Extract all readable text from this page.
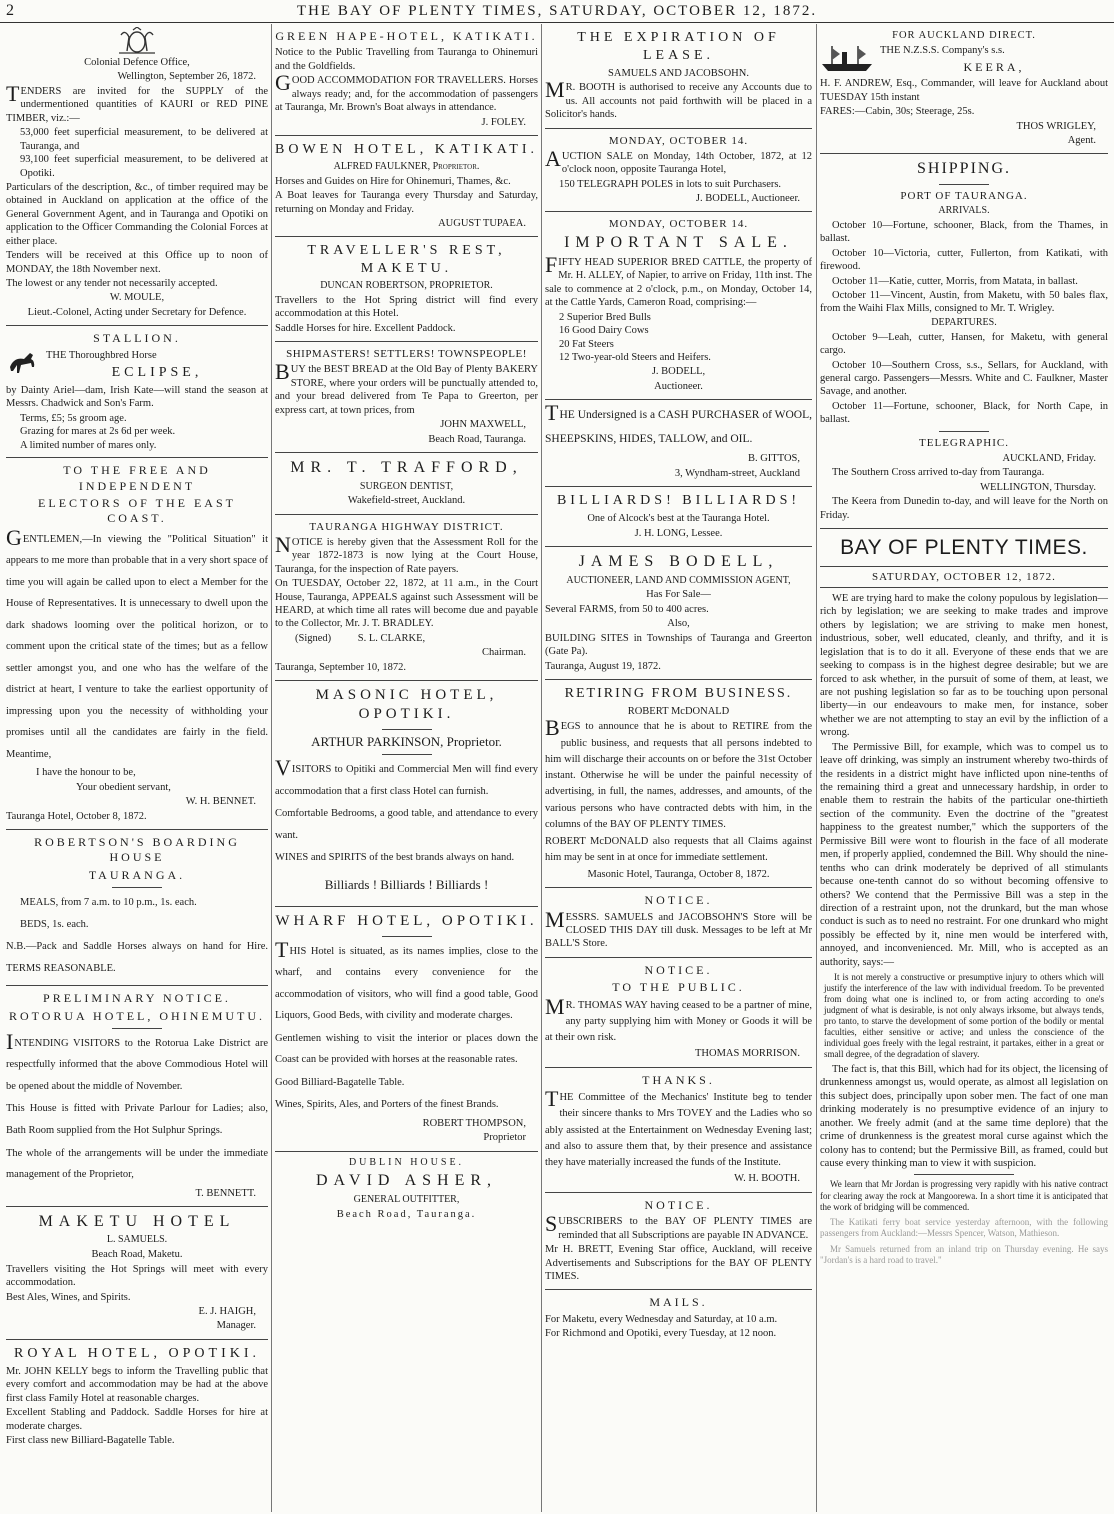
2	THE BAY OF PLENTY TIMES, SATURDAY, OCTOBER 12, 1872.
Colonial Defence Office,
Wellington, September 26, 1872.
TENDERS are invited for the SUPPLY of the undermentioned quantities of KAURI or RED PINE TIMBER, viz.:—
53,000 feet superficial measurement, to be delivered at Tauranga, and
93,100 feet superficial measurement, to be delivered at Opotiki.
Particulars of the description, &c., of timber required may be obtained in Auckland on application at the office of the General Government Agent, and in Tauranga and Opotiki on application to the Officer Commanding the Colonial Forces at either place.
Tenders will be received at this Office up to noon of MONDAY, the 18th November next.
The lowest or any tender not necessarily accepted.
W. MOULE,
Lieut.-Colonel, Acting under Secretary for Defence.
STALLION.
THE Thoroughbred Horse
ECLIPSE,
by Dainty Ariel—dam, Irish Kate—will stand the season at Messrs. Chadwick and Son's Farm.
Terms, £5; 5s groom age.
Grazing for mares at 2s 6d per week.
A limited number of mares only.
TO THE FREE AND INDEPENDENT
ELECTORS OF THE EAST COAST.
GENTLEMEN,—In viewing the "Political Situation" it appears to me more than probable that in a very short space of time you will again be called upon to elect a Member for the House of Representatives. It is unnecessary to dwell upon the dark shadows looming over the political horizon, or to comment upon the critical state of the times; but as a fellow settler amongst you, and one who has the welfare of the district at heart, I venture to take the earliest opportunity of impressing upon you the necessity of withholding your promises until all the candidates are fairly in the field. Meantime,
I have the honour to be,
Your obedient servant,
W. H. BENNET.
Tauranga Hotel, October 8, 1872.
ROBERTSON'S BOARDING HOUSE
TAURANGA.
MEALS, from 7 a.m. to 10 p.m., 1s. each.
BEDS, 1s. each.
N.B.—Pack and Saddle Horses always on hand for Hire. TERMS REASONABLE.
PRELIMINARY NOTICE.
ROTORUA HOTEL, OHINEMUTU.
INTENDING VISITORS to the Rotorua Lake District are respectfully informed that the above Commodious Hotel will be opened about the middle of November.
This House is fitted with Private Parlour for Ladies; also, Bath Room supplied from the Hot Sulphur Springs.
The whole of the arrangements will be under the immediate management of the Proprietor,
T. BENNETT.
MAKETU HOTEL
L. SAMUELS.
Beach Road, Maketu.
Travellers visiting the Hot Springs will meet with every accommodation.
Best Ales, Wines, and Spirits.
E. J. HAIGH,
Manager.
ROYAL HOTEL, OPOTIKI.
Mr. JOHN KELLY begs to inform the Travelling public that every comfort and accommodation may be had at the above first class Family Hotel at reasonable charges.
Excellent Stabling and Paddock. Saddle Horses for hire at moderate charges.
First class new Billiard-Bagatelle Table.
GREEN HAPE-HOTEL, KATIKATI.
Notice to the Public Travelling from Tauranga to Ohinemuri and the Goldfields.
GOOD ACCOMMODATION FOR TRAVELLERS. Horses always ready; and, for the accommodation of passengers at Tauranga, Mr. Brown's Boat always in attendance.
J. FOLEY.
BOWEN HOTEL, KATIKATI.
ALFRED FAULKNER, Proprietor.
Horses and Guides on Hire for Ohinemuri, Thames, &c.
A Boat leaves for Tauranga every Thursday and Saturday, returning on Monday and Friday.
AUGUST TUPAEA.
TRAVELLER'S REST, MAKETU.
DUNCAN ROBERTSON, PROPRIETOR.
Travellers to the Hot Spring district will find every accommodation at this Hotel.
Saddle Horses for hire. Excellent Paddock.
SHIPMASTERS! SETTLERS! TOWNSPEOPLE!
BUY the BEST BREAD at the Old Bay of Plenty BAKERY STORE, where your orders will be punctually attended to, and your bread delivered from Te Papa to Greerton, per express cart, at town prices, from
JOHN MAXWELL,
Beach Road, Tauranga.
MR. T. TRAFFORD,
SURGEON DENTIST,
Wakefield-street, Auckland.
TAURANGA HIGHWAY DISTRICT.
NOTICE is hereby given that the Assessment Roll for the year 1872-1873 is now lying at the Court House, Tauranga, for the inspection of Rate payers.
On TUESDAY, October 22, 1872, at 11 a.m., in the Court House, Tauranga, APPEALS against such Assessment will be HEARD, at which time all rates will become due and payable to the Collector, Mr. J. T. BRADLEY.
(Signed)	S. L. CLARKE,
Chairman.
Tauranga, September 10, 1872.
MASONIC HOTEL, OPOTIKI.
ARTHUR PARKINSON, Proprietor.
VISITORS to Opitiki and Commercial Men will find every accommodation that a first class Hotel can furnish.
Comfortable Bedrooms, a good table, and attendance to every want.
WINES and SPIRITS of the best brands always on hand.
Billiards ! Billiards ! Billiards !
WHARF HOTEL, OPOTIKI.
THIS Hotel is situated, as its names implies, close to the wharf, and contains every convenience for the accommodation of visitors, who will find a good table, Good Liquors, Good Beds, with civility and moderate charges.
Gentlemen wishing to visit the interior or places down the Coast can be provided with horses at the reasonable rates.
Good Billiard-Bagatelle Table.
Wines, Spirits, Ales, and Porters of the finest Brands.
ROBERT THOMPSON,
Proprietor
DUBLIN HOUSE.
DAVID ASHER,
GENERAL OUTFITTER,
Beach Road, Tauranga.
THE EXPIRATION OF LEASE.
SAMUELS AND JACOBSOHN.
MR. BOOTH is authorised to receive any Accounts due to us. All accounts not paid forthwith will be placed in a Solicitor's hands.
MONDAY, OCTOBER 14.
AUCTION SALE on Monday, 14th October, 1872, at 12 o'clock noon, opposite Tauranga Hotel,
150 TELEGRAPH POLES in lots to suit Purchasers.
J. BODELL, Auctioneer.
MONDAY, OCTOBER 14.
IMPORTANT SALE.
FIFTY HEAD SUPERIOR BRED CATTLE, the property of Mr. H. ALLEY, of Napier, to arrive on Friday, 11th inst. The sale to commence at 2 o'clock, p.m., on Monday, October 14, at the Cattle Yards, Cameron Road, comprising:—
2 Superior Bred Bulls
16 Good Dairy Cows
20 Fat Steers
12 Two-year-old Steers and Heifers.
J. BODELL,
Auctioneer.
THE Undersigned is a CASH PURCHASER of WOOL, SHEEPSKINS, HIDES, TALLOW, and OIL.
B. GITTOS,
3, Wyndham-street, Auckland
BILLIARDS! BILLIARDS!
One of Alcock's best at the Tauranga Hotel.
J. H. LONG, Lessee.
JAMES BODELL,
AUCTIONEER, LAND AND COMMISSION AGENT,
Has For Sale—
Several FARMS, from 50 to 400 acres.
Also,
BUILDING SITES in Townships of Tauranga and Greerton (Gate Pa).
Tauranga, August 19, 1872.
RETIRING FROM BUSINESS.
ROBERT McDONALD
BEGS to announce that he is about to RETIRE from the public business, and requests that all persons indebted to him will discharge their accounts on or before the 31st October instant. Otherwise he will be under the painful necessity of advertising, in full, the names, addresses, and amounts, of the various persons who have contracted debts with him, in the columns of the BAY OF PLENTY TIMES.
ROBERT McDONALD also requests that all Claims against him may be sent in at once for immediate settlement.
Masonic Hotel, Tauranga, October 8, 1872.
NOTICE.
MESSRS. SAMUELS and JACOBSOHN'S Store will be CLOSED THIS DAY till dusk. Messages to be left at Mr BALL'S Store.
NOTICE.
TO THE PUBLIC.
MR. THOMAS WAY having ceased to be a partner of mine, any party supplying him with Money or Goods it will be at their own risk.
THOMAS MORRISON.
THANKS.
THE Committee of the Mechanics' Institute beg to tender their sincere thanks to Mrs TOVEY and the Ladies who so ably assisted at the Entertainment on Wednesday Evening last; and also to assure them that, by their presence and assistance they have materially increased the funds of the Institute.
W. H. BOOTH.
NOTICE.
SUBSCRIBERS to the BAY OF PLENTY TIMES are reminded that all Subscriptions are payable IN ADVANCE.
Mr H. BRETT, Evening Star office, Auckland, will receive Advertisements and Subscriptions for the BAY OF PLENTY TIMES.
MAILS.
For Maketu, every Wednesday and Saturday, at 10 a.m.
For Richmond and Opotiki, every Tuesday, at 12 noon.
FOR AUCKLAND DIRECT.
THE N.Z.S.S. Company's s.s.
KEERA,
H. F. ANDREW, Esq., Commander, will leave for Auckland about TUESDAY 15th instant
FARES:—Cabin, 30s; Steerage, 25s.
THOS WRIGLEY,
Agent.
SHIPPING.
PORT OF TAURANGA.
ARRIVALS.
October 10—Fortune, schooner, Black, from the Thames, in ballast.
October 10—Victoria, cutter, Fullerton, from Katikati, with firewood.
October 11—Katie, cutter, Morris, from Matata, in ballast.
October 11—Vincent, Austin, from Maketu, with 50 bales flax, from the Waihi Flax Mills, consigned to Mr. T. Wrigley.
DEPARTURES.
October 9—Leah, cutter, Hansen, for Maketu, with general cargo.
October 10—Southern Cross, s.s., Sellars, for Auckland, with general cargo. Passengers—Messrs. White and C. Faulkner, Master Savage, and another.
October 11—Fortune, schooner, Black, for North Cape, in ballast.
TELEGRAPHIC.
AUCKLAND, Friday.
The Southern Cross arrived to-day from Tauranga.
WELLINGTON, Thursday.
The Keera from Dunedin to-day, and will leave for the North on Friday.
BAY OF PLENTY TIMES.
SATURDAY, OCTOBER 12, 1872.
WE are trying hard to make the colony populous by legislation—rich by legislation; we are seeking to make trades and improve others by legislation; we are striving to make men honest, industrious, sober, well educated, cleanly, and thrifty, and it is legislation that is to do it all. Everyone of these ends that we are seeking to compass is in the highest degree desirable; but we are forced to ask whether, in the pursuit of some of them, at least, we are not pushing legislation so far as to be touching upon personal liberty—in our endeavours to make men, for instance, sober whether we are not attempting to stay an evil by the infliction of a wrong.
The Permissive Bill, for example, which was to compel us to leave off drinking, was simply an instrument whereby two-thirds of the residents in a district might have inflicted upon nine-tenths of the remaining third a great and unnecessary hardship, in order to enable them to restrain the habits of the particular one-thirtieth section of the community. Even the doctrine of the "greatest happiness to the greatest number," which the supporters of the Permissive Bill were wont to flourish in the face of all moderate men, if properly applied, condemned the Bill. Why should the nine-tenths who can drink moderately be deprived of all stimulants because one-tenth cannot do so without becoming offensive to others? We contend that the Permissive Bill was a step in the direction of a restraint upon, not the drunkard, but the man whose conduct is such as to need no restraint. For one drunkard who might possibly be effected by it, nine men would be interfered with, annoyed, and inconvenienced. Mr. Mill, who is accepted as an authority, says:—
It is not merely a constructive or presumptive injury to others which will justify the interference of the law with individual freedom. To be prevented from doing what one is inclined to, or from acting according to one's judgment of what is desirable, is not only always irksome, but always tends, pro tanto, to starve the development of some portion of the bodily or mental faculties, either sensitive or active; and unless the conscience of the individual goes freely with the legal restraint, it partakes, either in a great or small degree, of the degradation of slavery.
The fact is, that this Bill, which had for its object, the licensing of drunkenness amongst us, would operate, as almost all legislation on this subject does, principally upon sober men. The fact of one man drinking moderately is no presumptive evidence of an injury to another. We freely admit (and at the same time deplore) that the crime of drunkenness is the greatest moral curse against which the colony has to contend; but the Permissive Bill, as framed, could but cause every thinking man to view it with suspicion.
We learn that Mr Jordan is progressing very rapidly with his native contract for clearing away the rock at Mangoorewa. In a short time it is anticipated that the work of bridging will be commenced.
The Katikati ferry boat service yesterday afternoon, with the following passengers from Auckland:—Messrs Spencer, Watson, Mathieson.
Mr Samuels returned from an inland trip on Thursday evening. He says "Jordan's is a hard road to travel."
